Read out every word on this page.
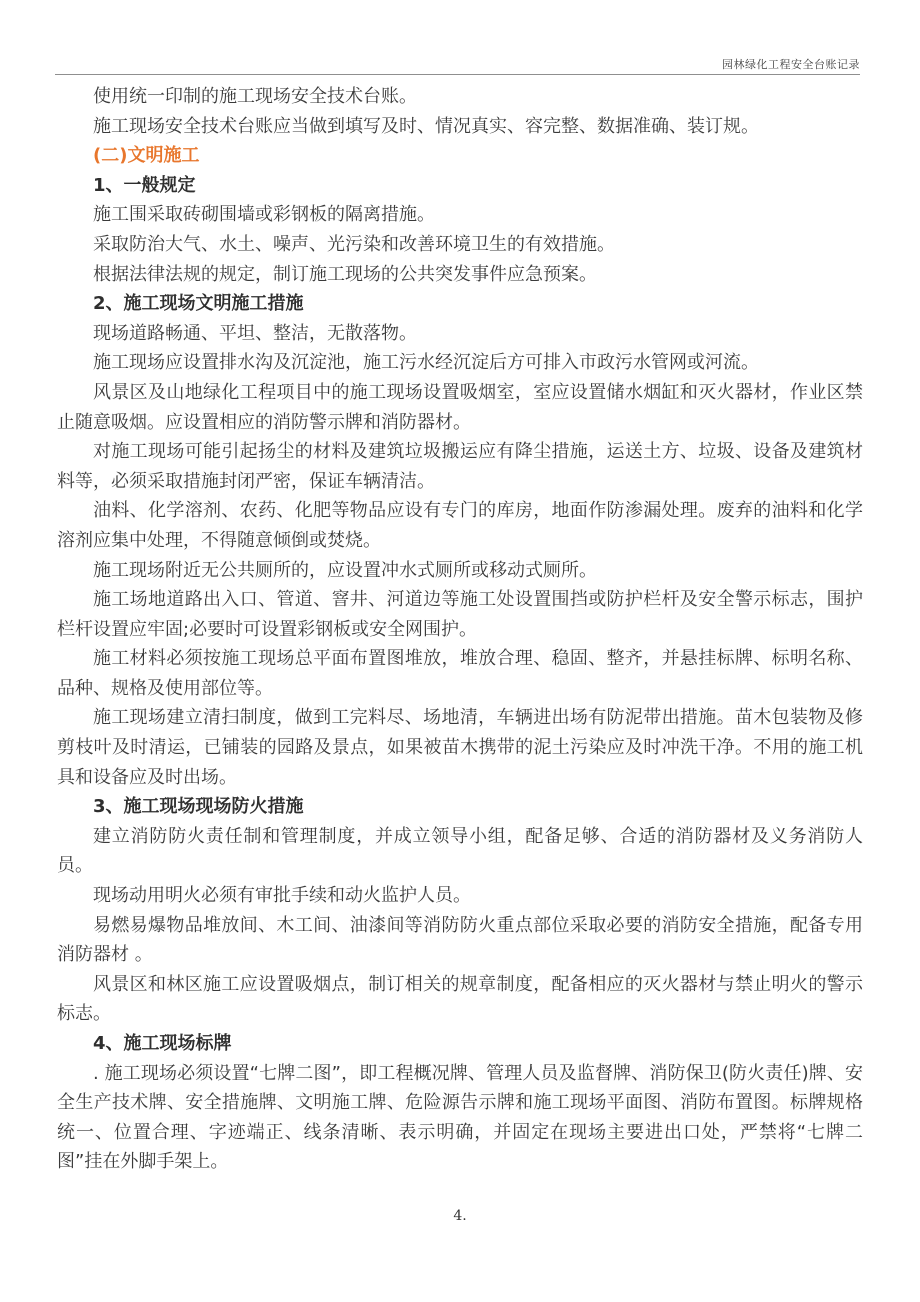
园林绿化工程安全台账记录

使用统一印制的施工现场安全技术台账。

施工现场安全技术台账应当做到填写及时、情况真实、容完整、数据准确、装订规。

(二)文明施工

1、一般规定

施工围采取砖砌围墙或彩钢板的隔离措施。

采取防治大气、水土、噪声、光污染和改善环境卫生的有效措施。

根据法律法规的规定，制订施工现场的公共突发事件应急预案。

2、施工现场文明施工措施

现场道路畅通、平坦、整洁，无散落物。

施工现场应设置排水沟及沉淀池，施工污水经沉淀后方可排入市政污水管网或河流。

风景区及山地绿化工程项目中的施工现场设置吸烟室，室应设置储水烟缸和灭火器材，作业区禁止随意吸烟。应设置相应的消防警示牌和消防器材。

对施工现场可能引起扬尘的材料及建筑垃圾搬运应有降尘措施，运送土方、垃圾、设备及建筑材料等，必须采取措施封闭严密，保证车辆清洁。

油料、化学溶剂、农药、化肥等物品应设有专门的库房，地面作防渗漏处理。废弃的油料和化学溶剂应集中处理，不得随意倾倒或焚烧。

施工现场附近无公共厕所的，应设置冲水式厕所或移动式厕所。

施工场地道路出入口、管道、窨井、河道边等施工处设置围挡或防护栏杆及安全警示标志，围护栏杆设置应牢固;必要时可设置彩钢板或安全网围护。

施工材料必须按施工现场总平面布置图堆放，堆放合理、稳固、整齐，并悬挂标牌、标明名称、品种、规格及使用部位等。

施工现场建立清扫制度，做到工完料尽、场地清，车辆进出场有防泥带出措施。苗木包装物及修剪枝叶及时清运，已铺装的园路及景点，如果被苗木携带的泥土污染应及时冲洗干净。不用的施工机具和设备应及时出场。

3、施工现场现场防火措施

建立消防防火责任制和管理制度，并成立领导小组，配备足够、合适的消防器材及义务消防人员。

现场动用明火必须有审批手续和动火监护人员。

易燃易爆物品堆放间、木工间、油漆间等消防防火重点部位采取必要的消防安全措施，配备专用消防器材 。

风景区和林区施工应设置吸烟点，制订相关的规章制度，配备相应的灭火器材与禁止明火的警示标志。

4、施工现场标牌

. 施工现场必须设置“七牌二图”，即工程概况牌、管理人员及监督牌、消防保卫(防火责任)牌、安全生产技术牌、安全措施牌、文明施工牌、危险源告示牌和施工现场平面图、消防布置图。标牌规格统一、位置合理、字迹端正、线条清晰、表示明确，并固定在现场主要进出口处，严禁将“七牌二图”挂在外脚手架上。

4.
